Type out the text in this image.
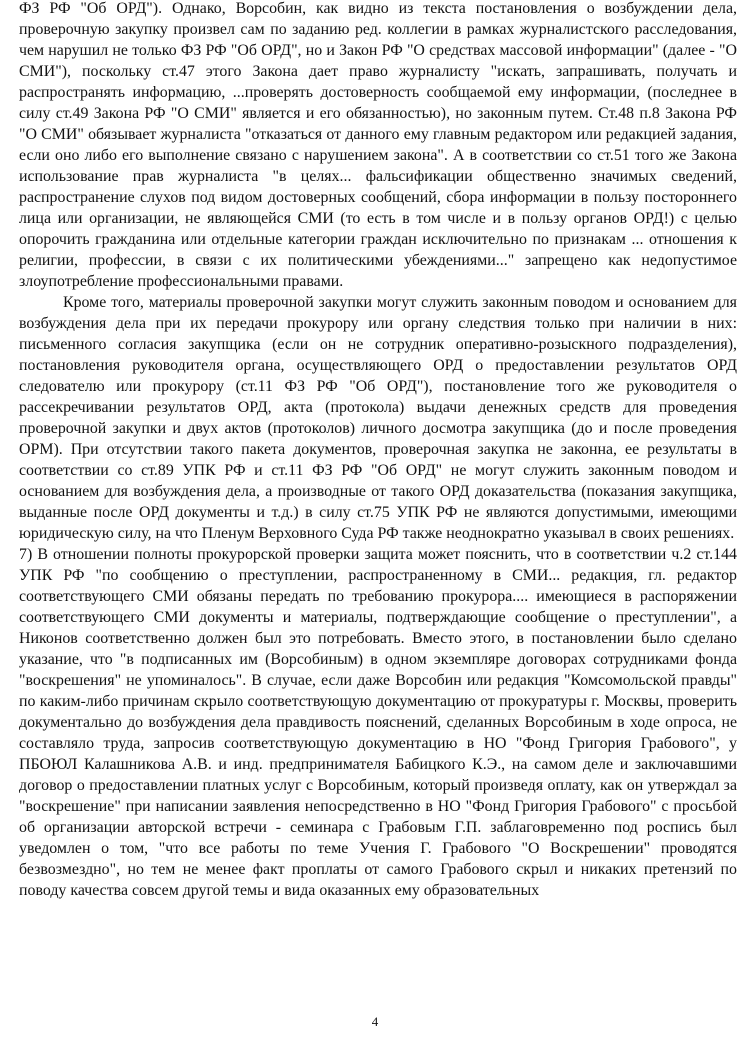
ФЗ РФ "Об ОРД"). Однако, Ворсобин, как видно из текста постановления о возбуждении дела, проверочную закупку произвел сам по заданию ред. коллегии в рамках журналистского расследования, чем нарушил не только ФЗ РФ "Об ОРД", но и Закон РФ "О средствах массовой информации" (далее - "О СМИ"), поскольку ст.47 этого Закона дает право журналисту "искать, запрашивать, получать и распространять информацию, ...проверять достоверность сообщаемой ему информации, (последнее в силу ст.49 Закона РФ "О СМИ" является и его обязанностью), но законным путем. Ст.48 п.8 Закона РФ "О СМИ" обязывает журналиста "отказаться от данного ему главным редактором или редакцией задания, если оно либо его выполнение связано с нарушением закона". А в соответствии со ст.51 того же Закона использование прав журналиста "в целях... фальсификации общественно значимых сведений, распространение слухов под видом достоверных сообщений, сбора информации в пользу постороннего лица или организации, не являющейся СМИ (то есть в том числе и в пользу органов ОРД!) с целью опорочить гражданина или отдельные категории граждан исключительно по признакам ... отношения к религии, профессии, в связи с их политическими убеждениями..." запрещено как недопустимое злоупотребление профессиональными правами.

Кроме того, материалы проверочной закупки могут служить законным поводом и основанием для возбуждения дела при их передачи прокурору или органу следствия только при наличии в них: письменного согласия закупщика (если он не сотрудник оперативно-розыскного подразделения), постановления руководителя органа, осуществляющего ОРД о предоставлении результатов ОРД следователю или прокурору (ст.11 ФЗ РФ "Об ОРД"), постановление того же руководителя о рассекречивании результатов ОРД, акта (протокола) выдачи денежных средств для проведения проверочной закупки и двух актов (протоколов) личного досмотра закупщика (до и после проведения ОРМ). При отсутствии такого пакета документов, проверочная закупка не законна, ее результаты в соответствии со ст.89 УПК РФ и ст.11 ФЗ РФ "Об ОРД" не могут служить законным поводом и основанием для возбуждения дела, а производные от такого ОРД доказательства (показания закупщика, выданные после ОРД документы и т.д.) в силу ст.75 УПК РФ не являются допустимыми, имеющими юридическую силу, на что Пленум Верховного Суда РФ также неоднократно указывал в своих решениях.

7) В отношении полноты прокурорской проверки защита может пояснить, что в соответствии ч.2 ст.144 УПК РФ "по сообщению о преступлении, распространенному в СМИ... редакция, гл. редактор соответствующего СМИ обязаны передать по требованию прокурора.... имеющиеся в распоряжении соответствующего СМИ документы и материалы, подтверждающие сообщение о преступлении", а Никонов соответственно должен был это потребовать. Вместо этого, в постановлении было сделано указание, что "в подписанных им (Ворсобиным) в одном экземпляре договорах сотрудниками фонда "воскрешения" не упоминалось". В случае, если даже Ворсобин или редакция "Комсомольской правды" по каким-либо причинам скрыло соответствующую документацию от прокуратуры г. Москвы, проверить документально до возбуждения дела правдивость пояснений, сделанных Ворсобиным в ходе опроса, не составляло труда, запросив соответствующую документацию в НО "Фонд Григория Грабового", у ПБОЮЛ Калашникова А.В. и инд. предпринимателя Бабицкого К.Э., на самом деле и заключавшими договор о предоставлении платных услуг с Ворсобиным, который произведя оплату, как он утверждал за "воскрешение" при написании заявления непосредственно в НО "Фонд Григория Грабового" с просьбой об организации авторской встречи - семинара с Грабовым Г.П. заблаговременно под роспись был уведомлен о том, "что все работы по теме Учения Г. Грабового "О Воскрешении" проводятся безвозмездно", но тем не менее факт проплаты от самого Грабового скрыл и никаких претензий по поводу качества совсем другой темы и вида оказанных ему образовательных

4
